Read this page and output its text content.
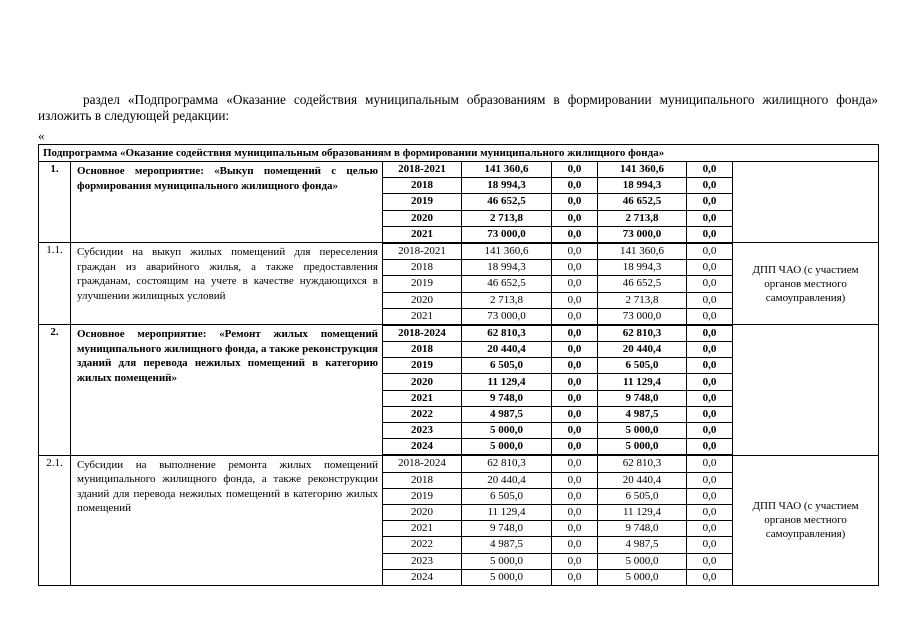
раздел «Подпрограмма «Оказание содействия муниципальным образованиям в формировании муниципального жилищного фонда» изложить в следующей редакции:

«
Подпрограмма «Оказание содействия муниципальным образованиям в формировании муниципального жилищного фонда»							
1.	Основное мероприятие: «Выкуп помещений с целью формирования муниципального жилищного фонда»	2018-2021	141 360,6	0,0	141 360,6	0,0	
		2018	18 994,3	0,0	18 994,3	0,0	
		2019	46 652,5	0,0	46 652,5	0,0	
		2020	2 713,8	0,0	2 713,8	0,0	
		2021	73 000,0	0,0	73 000,0	0,0	
1.1.	Субсидии на выкуп жилых помещений для переселения граждан из аварийного жилья, а также предоставления гражданам, состоящим на учете в качестве нуждающихся в улучшении жилищных условий	2018-2021	141 360,6	0,0	141 360,6	0,0	ДПП ЧАО (с участием органов местного самоуправления)
		2018	18 994,3	0,0	18 994,3	0,0	
		2019	46 652,5	0,0	46 652,5	0,0	
		2020	2 713,8	0,0	2 713,8	0,0	
		2021	73 000,0	0,0	73 000,0	0,0	
2.	Основное мероприятие: «Ремонт жилых помещений муниципального жилищного фонда, а также реконструкция зданий для перевода нежилых помещений в категорию жилых помещений»	2018-2024	62 810,3	0,0	62 810,3	0,0	
		2018	20 440,4	0,0	20 440,4	0,0	
		2019	6 505,0	0,0	6 505,0	0,0	
		2020	11 129,4	0,0	11 129,4	0,0	
		2021	9 748,0	0,0	9 748,0	0,0	
		2022	4 987,5	0,0	4 987,5	0,0	
		2023	5 000,0	0,0	5 000,0	0,0	
		2024	5 000,0	0,0	5 000,0	0,0	
2.1.	Субсидии на выполнение ремонта жилых помещений муниципального жилищного фонда, а также реконструкции зданий для перевода нежилых помещений в категорию жилых помещений	2018-2024	62 810,3	0,0	62 810,3	0,0	ДПП ЧАО (с участием органов местного самоуправления)
		2018	20 440,4	0,0	20 440,4	0,0	
		2019	6 505,0	0,0	6 505,0	0,0	
		2020	11 129,4	0,0	11 129,4	0,0	
		2021	9 748,0	0,0	9 748,0	0,0	
		2022	4 987,5	0,0	4 987,5	0,0	
		2023	5 000,0	0,0	5 000,0	0,0	
		2024	5 000,0	0,0	5 000,0	0,0	
